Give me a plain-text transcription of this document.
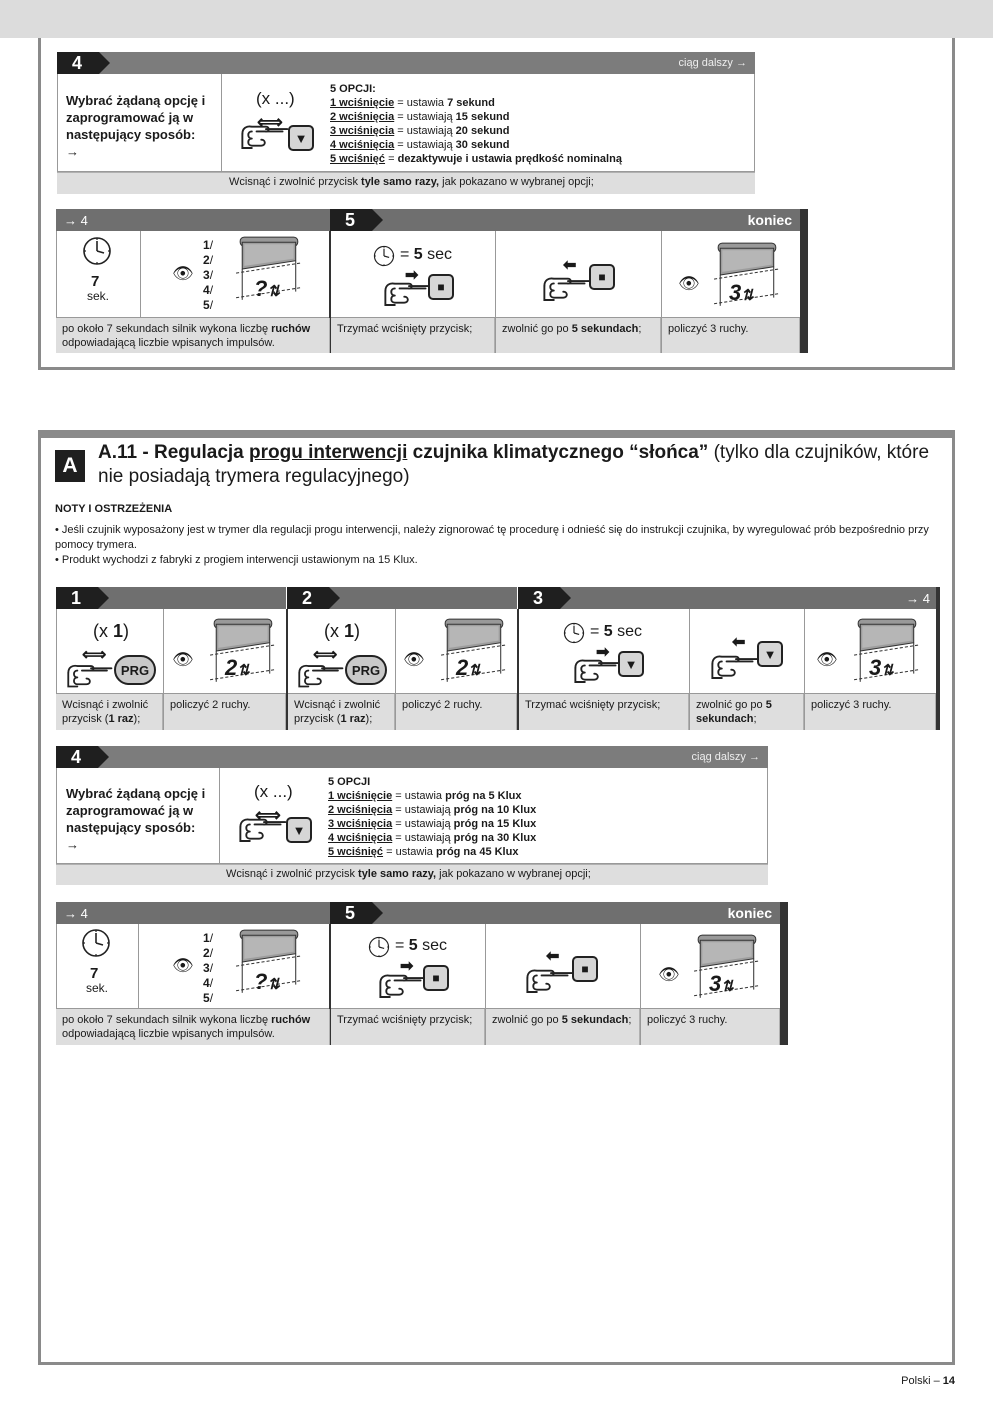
4	ciąg dalszy →
Wybrać żądaną opcję i zaprogramować ją w następujący sposób: →
(x ...)
⟺
▼
5 OPCJI:
1 wciśnięcie = ustawia 7 sekund
2 wciśnięcia = ustawiają 15 sekund
3 wciśnięcia = ustawiają 20 sekund
4 wciśnięcia = ustawiają 30 sekund
5 wciśnięć = dezaktywuje i ustawia prędkość nominalną
Wcisnąć i zwolnić przycisk tyle samo razy, jak pokazano w wybranej opcji;
→ 4	5	koniec
7
sek.
👁
1/
2/
3/
4/
5/
?⇅
= 5 sec
➡
■
⬅
■	👁 3⇅
po około 7 sekundach silnik wykona liczbę ruchów odpowiadającą liczbie wpisanych impulsów.
Trzymać wciśnięty przycisk;	zwolnić go po 5 sekundach;	policzyć 3 ruchy.
A
A.11 - Regulacja progu interwencji czujnika klimatycznego “słońca” (tylko dla czujników, które nie posiadają trymera regulacyjnego)
NOTY I OSTRZEŻENIA
• Jeśli czujnik wyposażony jest w trymer dla regulacji progu interwencji, należy zignorować tę procedurę i odnieść się do instrukcji czujnika, by wyregulować prób bezpośrednio przy pomocy trymera.
• Produkt wychodzi z fabryki z progiem interwencji ustawionym na 15 Klux.
1	2	3	→ 4
(x 1)
⟺
PRG
👁 2⇅
(x 1)
⟺
PRG
👁 2⇅
= 5 sec
➡
▼
⬅
▼	👁 3⇅
Wcisnąć i zwolnić przycisk (1 raz);
policzyć 2 ruchy.	Wcisnąć i zwolnić przycisk (1 raz);
policzyć 2 ruchy.	Trzymać wciśnięty przycisk;	zwolnić go po 5 sekundach;
policzyć 3 ruchy.
4	ciąg dalszy →
Wybrać żądaną opcję i zaprogramować ją w następujący sposób: →
(x ...)
⟺
▼
5 OPCJI
1 wciśnięcie = ustawia próg na 5 Klux
2 wciśnięcia = ustawiają próg na 10 Klux
3 wciśnięcia = ustawiają próg na 15 Klux
4 wciśnięcia = ustawiają próg na 30 Klux
5 wciśnięć = ustawia próg na 45 Klux
Wcisnąć i zwolnić przycisk tyle samo razy, jak pokazano w wybranej opcji;
→ 4	5	koniec
7
sek.
👁
1/
2/
3/
4/
5/
?⇅
= 5 sec
➡
■
⬅
■	👁 3⇅
po około 7 sekundach silnik wykona liczbę ruchów odpowiadającą liczbie wpisanych impulsów.
Trzymać wciśnięty przycisk;	zwolnić go po 5 sekundach;	policzyć 3 ruchy.
Polski – 14
